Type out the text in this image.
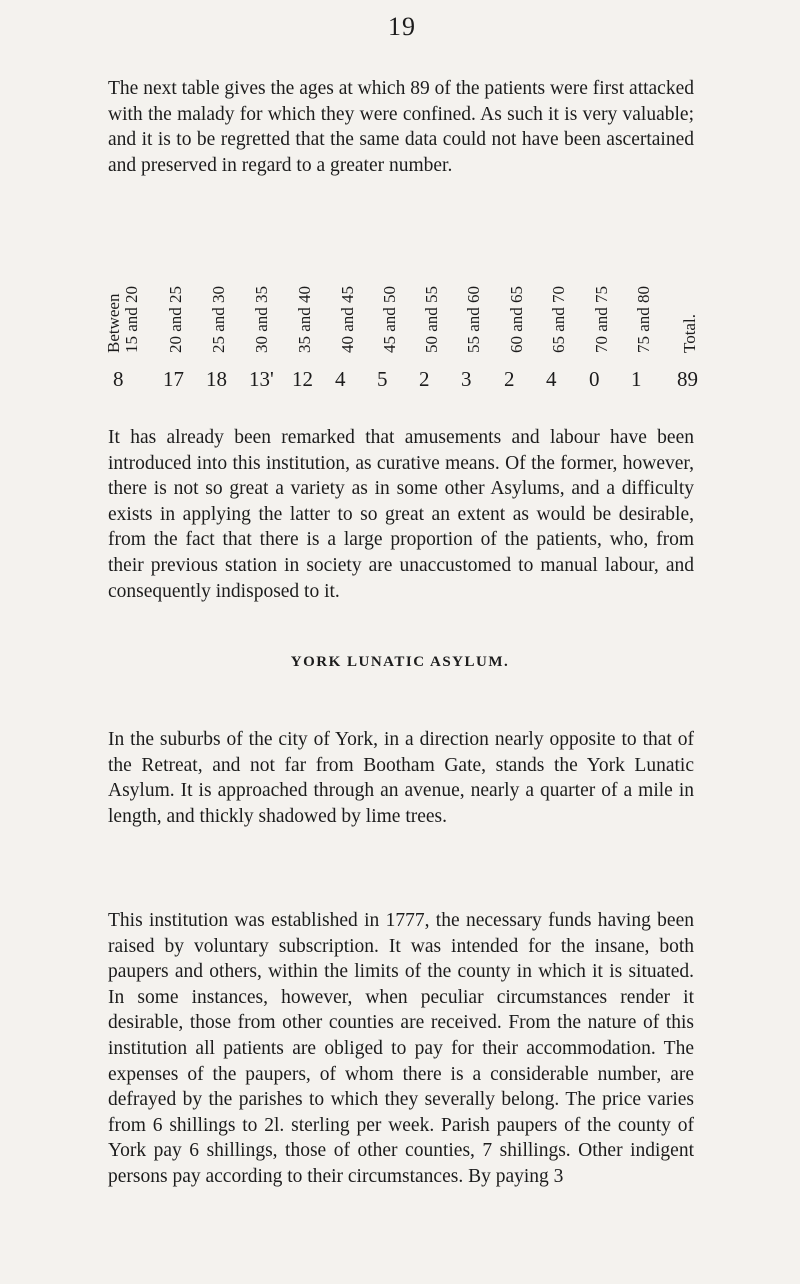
19

The next table gives the ages at which 89 of the patients were first attacked with the malady for which they were confined. As such it is very valuable; and it is to be regretted that the same data could not have been ascertained and preserved in regard to a greater number.

Between 15 and 20
8
20 and 25
17
25 and 30
18
30 and 35
13'
35 and 40
12
40 and 45
4
45 and 50
5
50 and 55
2
55 and 60
3
60 and 65
2
65 and 70
4
70 and 75
0
75 and 80
1
Total.
89

It has already been remarked that amusements and labour have been introduced into this institution, as curative means. Of the former, however, there is not so great a variety as in some other Asylums, and a difficulty exists in applying the latter to so great an extent as would be desirable, from the fact that there is a large proportion of the patients, who, from their previous station in society are unaccustomed to manual labour, and consequently indisposed to it.

YORK LUNATIC ASYLUM.

In the suburbs of the city of York, in a direction nearly opposite to that of the Retreat, and not far from Bootham Gate, stands the York Lunatic Asylum. It is approached through an avenue, nearly a quarter of a mile in length, and thickly shadowed by lime trees.

This institution was established in 1777, the necessary funds having been raised by voluntary subscription. It was intended for the insane, both paupers and others, within the limits of the county in which it is situated. In some instances, however, when peculiar circumstances render it desirable, those from other counties are received. From the nature of this institution all patients are obliged to pay for their accommodation. The expenses of the paupers, of whom there is a considerable number, are defrayed by the parishes to which they severally belong. The price varies from 6 shillings to 2l. sterling per week. Parish paupers of the county of York pay 6 shillings, those of other counties, 7 shillings. Other indigent persons pay according to their circumstances. By paying 3
